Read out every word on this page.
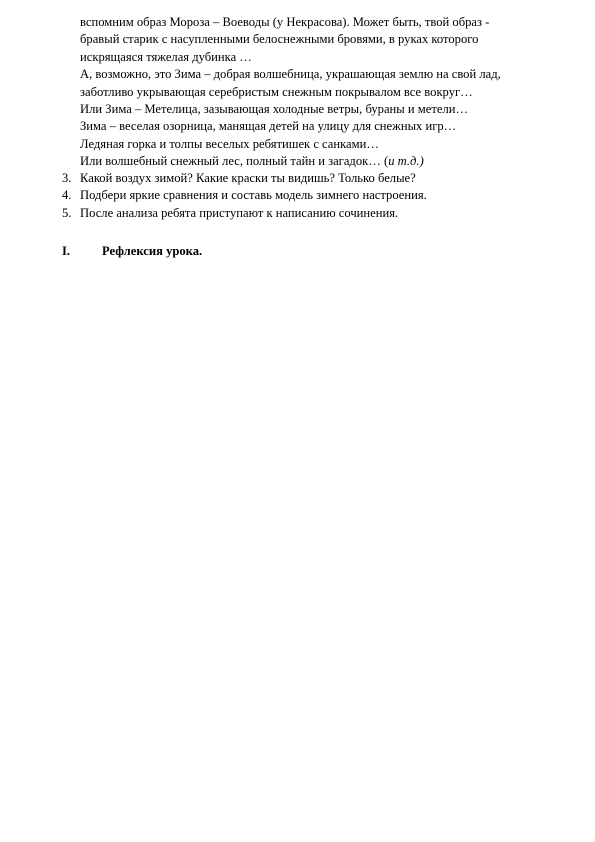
вспомним образ Мороза – Воеводы (у Некрасова). Может быть, твой образ -
бравый старик с насупленными белоснежными бровями, в руках которого
искрящаяся тяжелая дубинка …
А, возможно, это Зима – добрая волшебница, украшающая землю на свой лад,
заботливо укрывающая серебристым снежным покрывалом все вокруг…
Или Зима – Метелица, зазывающая холодные ветры, бураны и метели…
Зима – веселая озорница, манящая детей на улицу для снежных игр…
Ледяная горка и толпы веселых ребятишек с санками…
Или волшебный снежный лес, полный тайн и загадок… (и т.д.)
3. Какой воздух зимой? Какие краски ты видишь? Только белые?
4. Подбери яркие сравнения и составь модель зимнего настроения.
5. После анализа ребята приступают к написанию сочинения.
I.	Рефлексия урока.
